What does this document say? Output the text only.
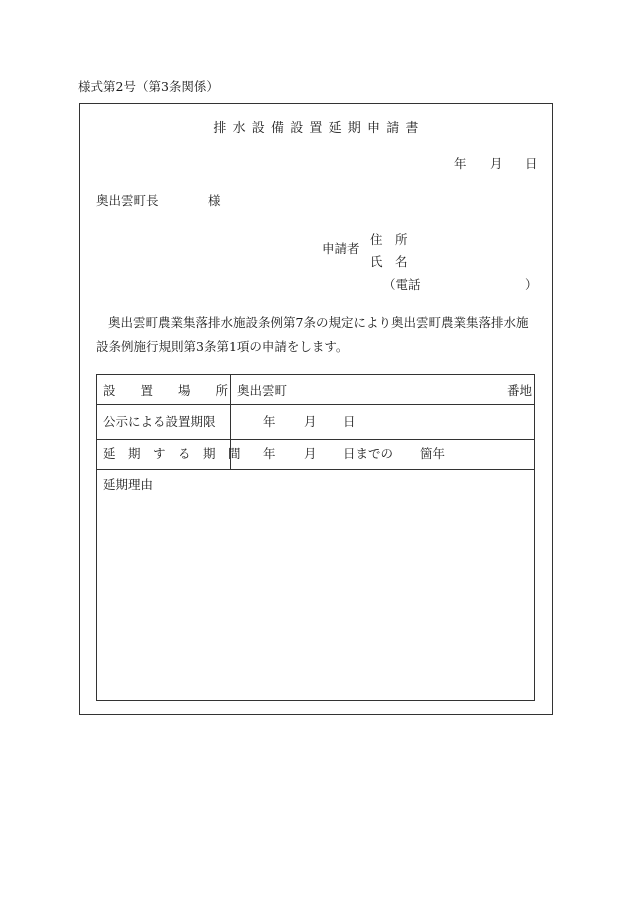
様式第2号（第3条関係）
排水設備設置延期申請書
年 月 日
奥出雲町長	様
申請者
住　所
氏　名
（電話	）
奥出雲町農業集落排水施設条例第7条の規定により奥出雲町農業集落排水施設条例施行規則第3条第1項の申請をします。
設　　置　　場　　所 奥出雲町	番地
公示による設置期限	年 月 日
延　期　す　る　期　間 年 月 日までの 箇年
延期理由
